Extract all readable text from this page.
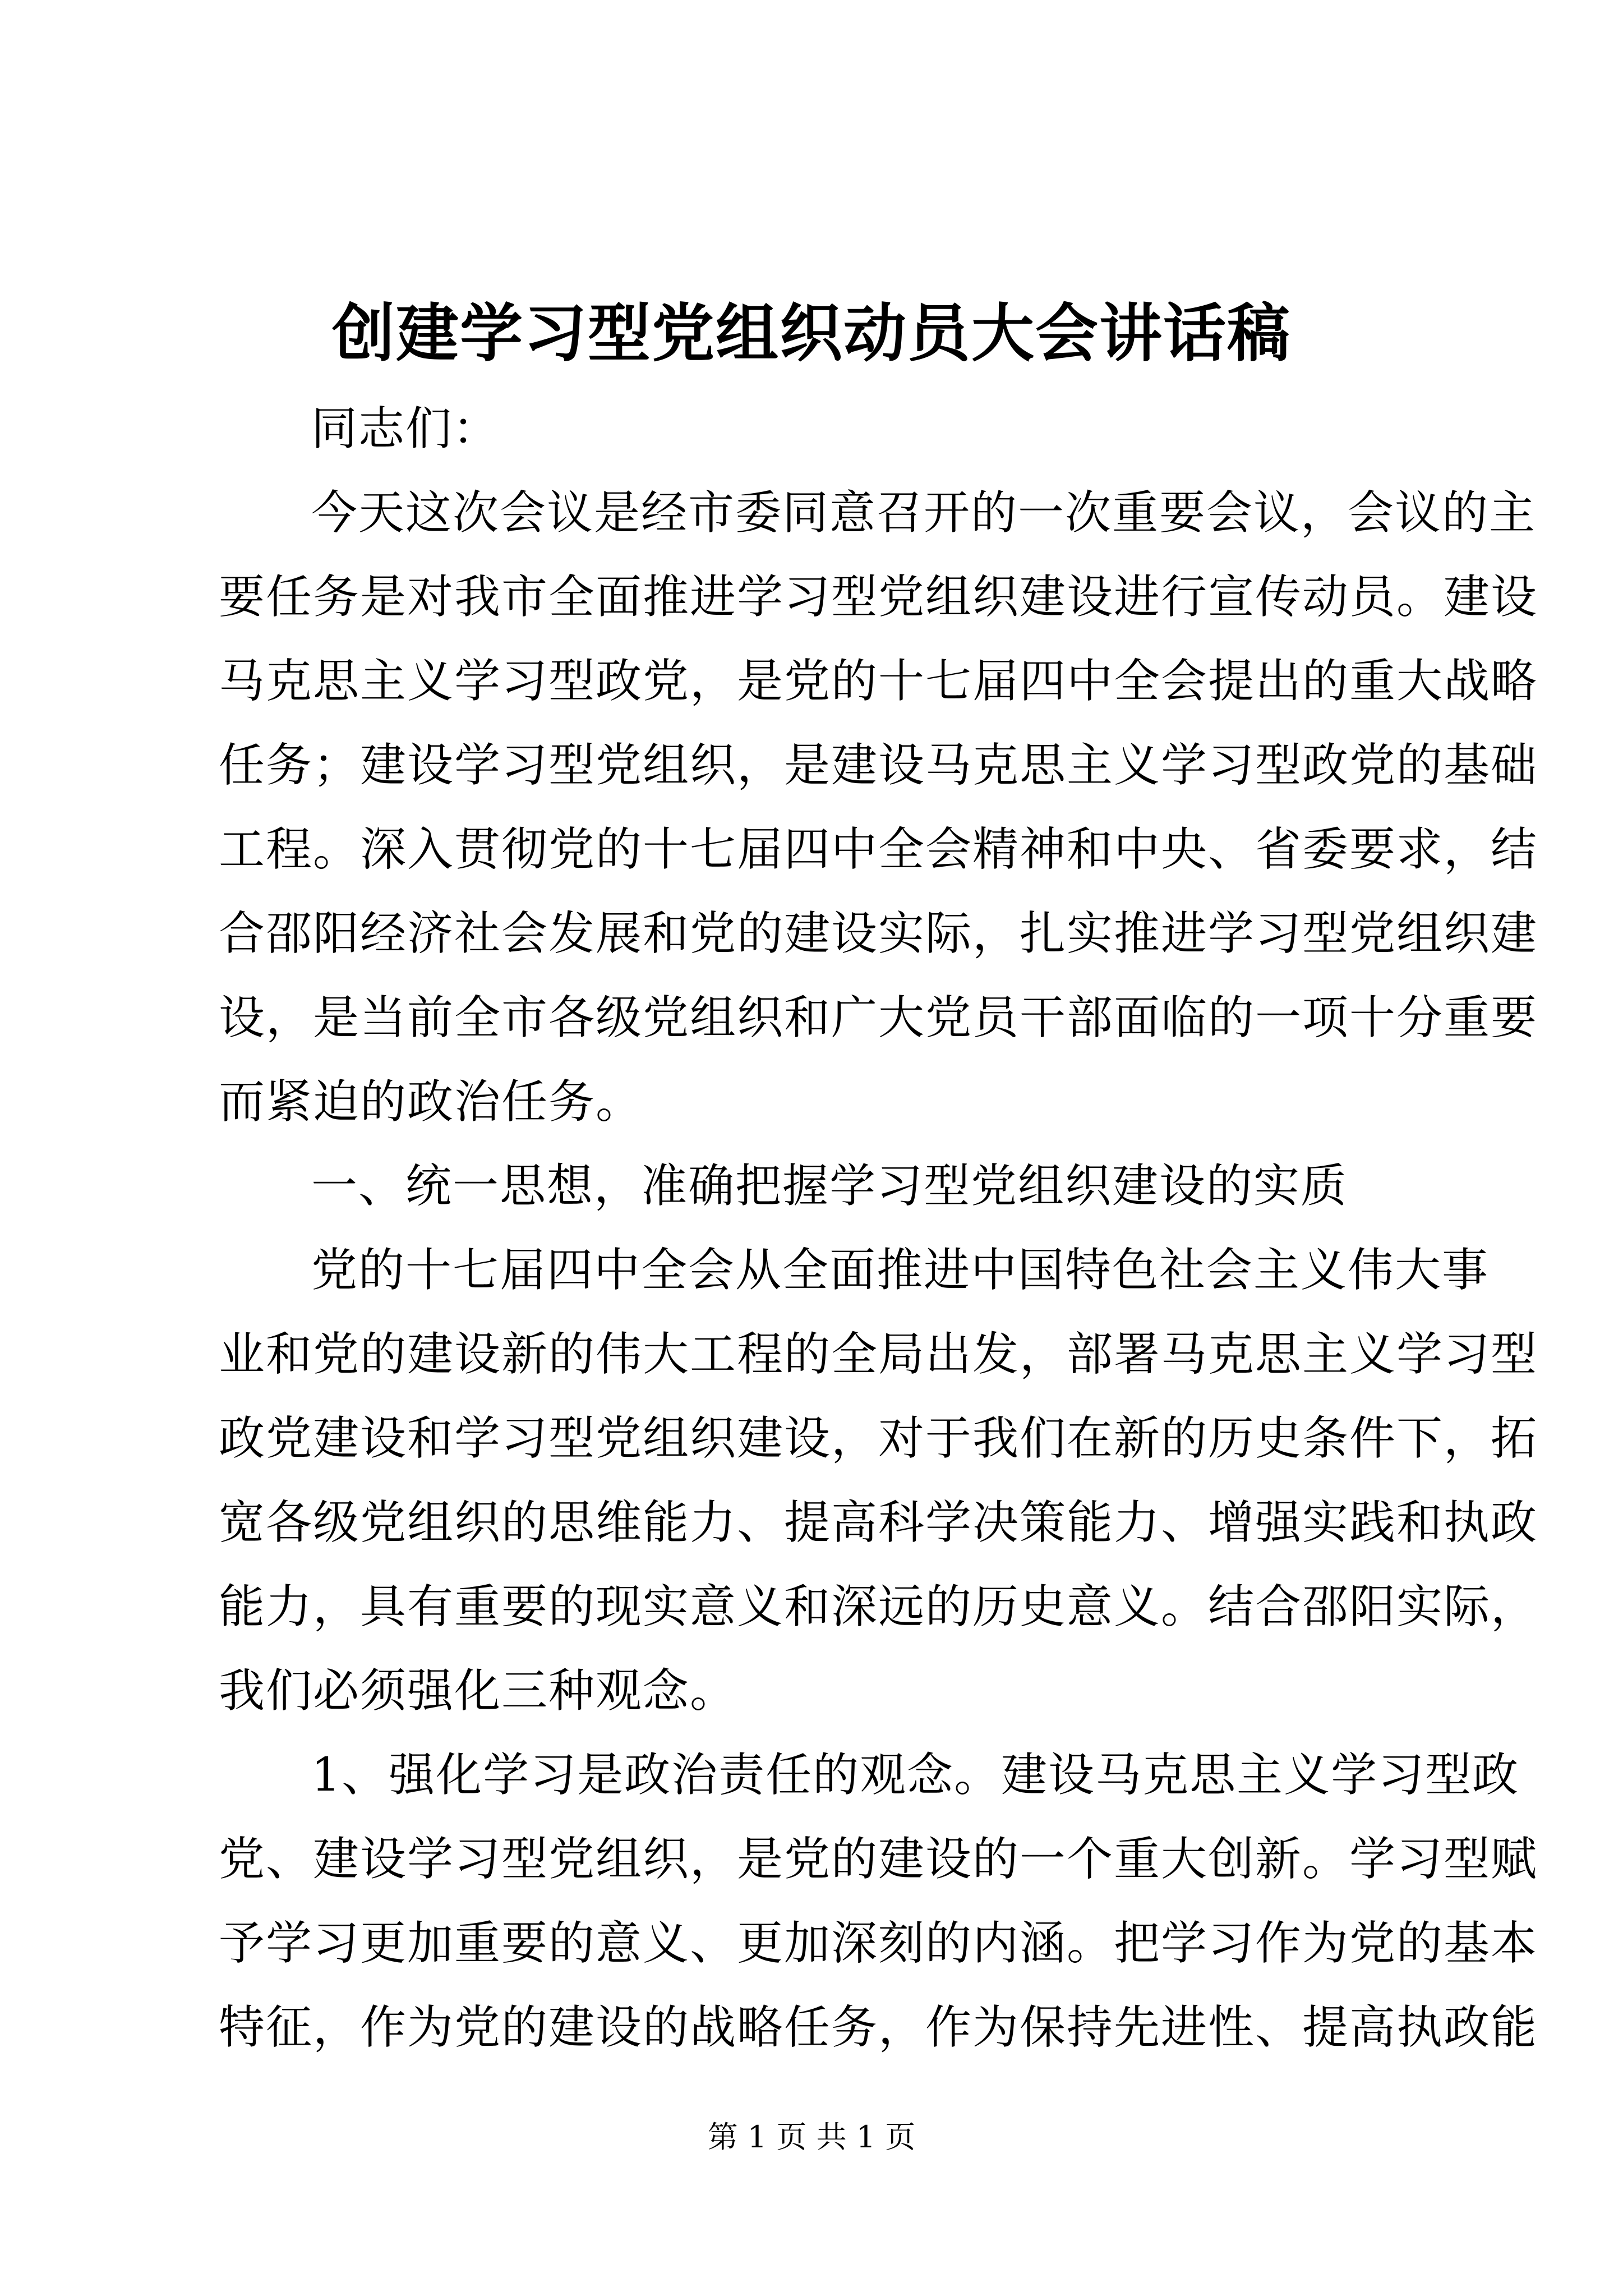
创建学习型党组织动员大会讲话稿
同志们：
今天这次会议是经市委同意召开的一次重要会议，会议的主
要任务是对我市全面推进学习型党组织建设进行宣传动员。建设
马克思主义学习型政党，是党的十七届四中全会提出的重大战略
任务；建设学习型党组织，是建设马克思主义学习型政党的基础
工程。深入贯彻党的十七届四中全会精神和中央、省委要求，结
合邵阳经济社会发展和党的建设实际，扎实推进学习型党组织建
设，是当前全市各级党组织和广大党员干部面临的一项十分重要
而紧迫的政治任务。
一、统一思想，准确把握学习型党组织建设的实质
党的十七届四中全会从全面推进中国特色社会主义伟大事
业和党的建设新的伟大工程的全局出发，部署马克思主义学习型
政党建设和学习型党组织建设，对于我们在新的历史条件下，拓
宽各级党组织的思维能力、提高科学决策能力、增强实践和执政
能力，具有重要的现实意义和深远的历史意义。结合邵阳实际，
我们必须强化三种观念。
1、强化学习是政治责任的观念。建设马克思主义学习型政
党、建设学习型党组织，是党的建设的一个重大创新。学习型赋
予学习更加重要的意义、更加深刻的内涵。把学习作为党的基本
特征，作为党的建设的战略任务，作为保持先进性、提高执政能
第 1 页 共 1 页
